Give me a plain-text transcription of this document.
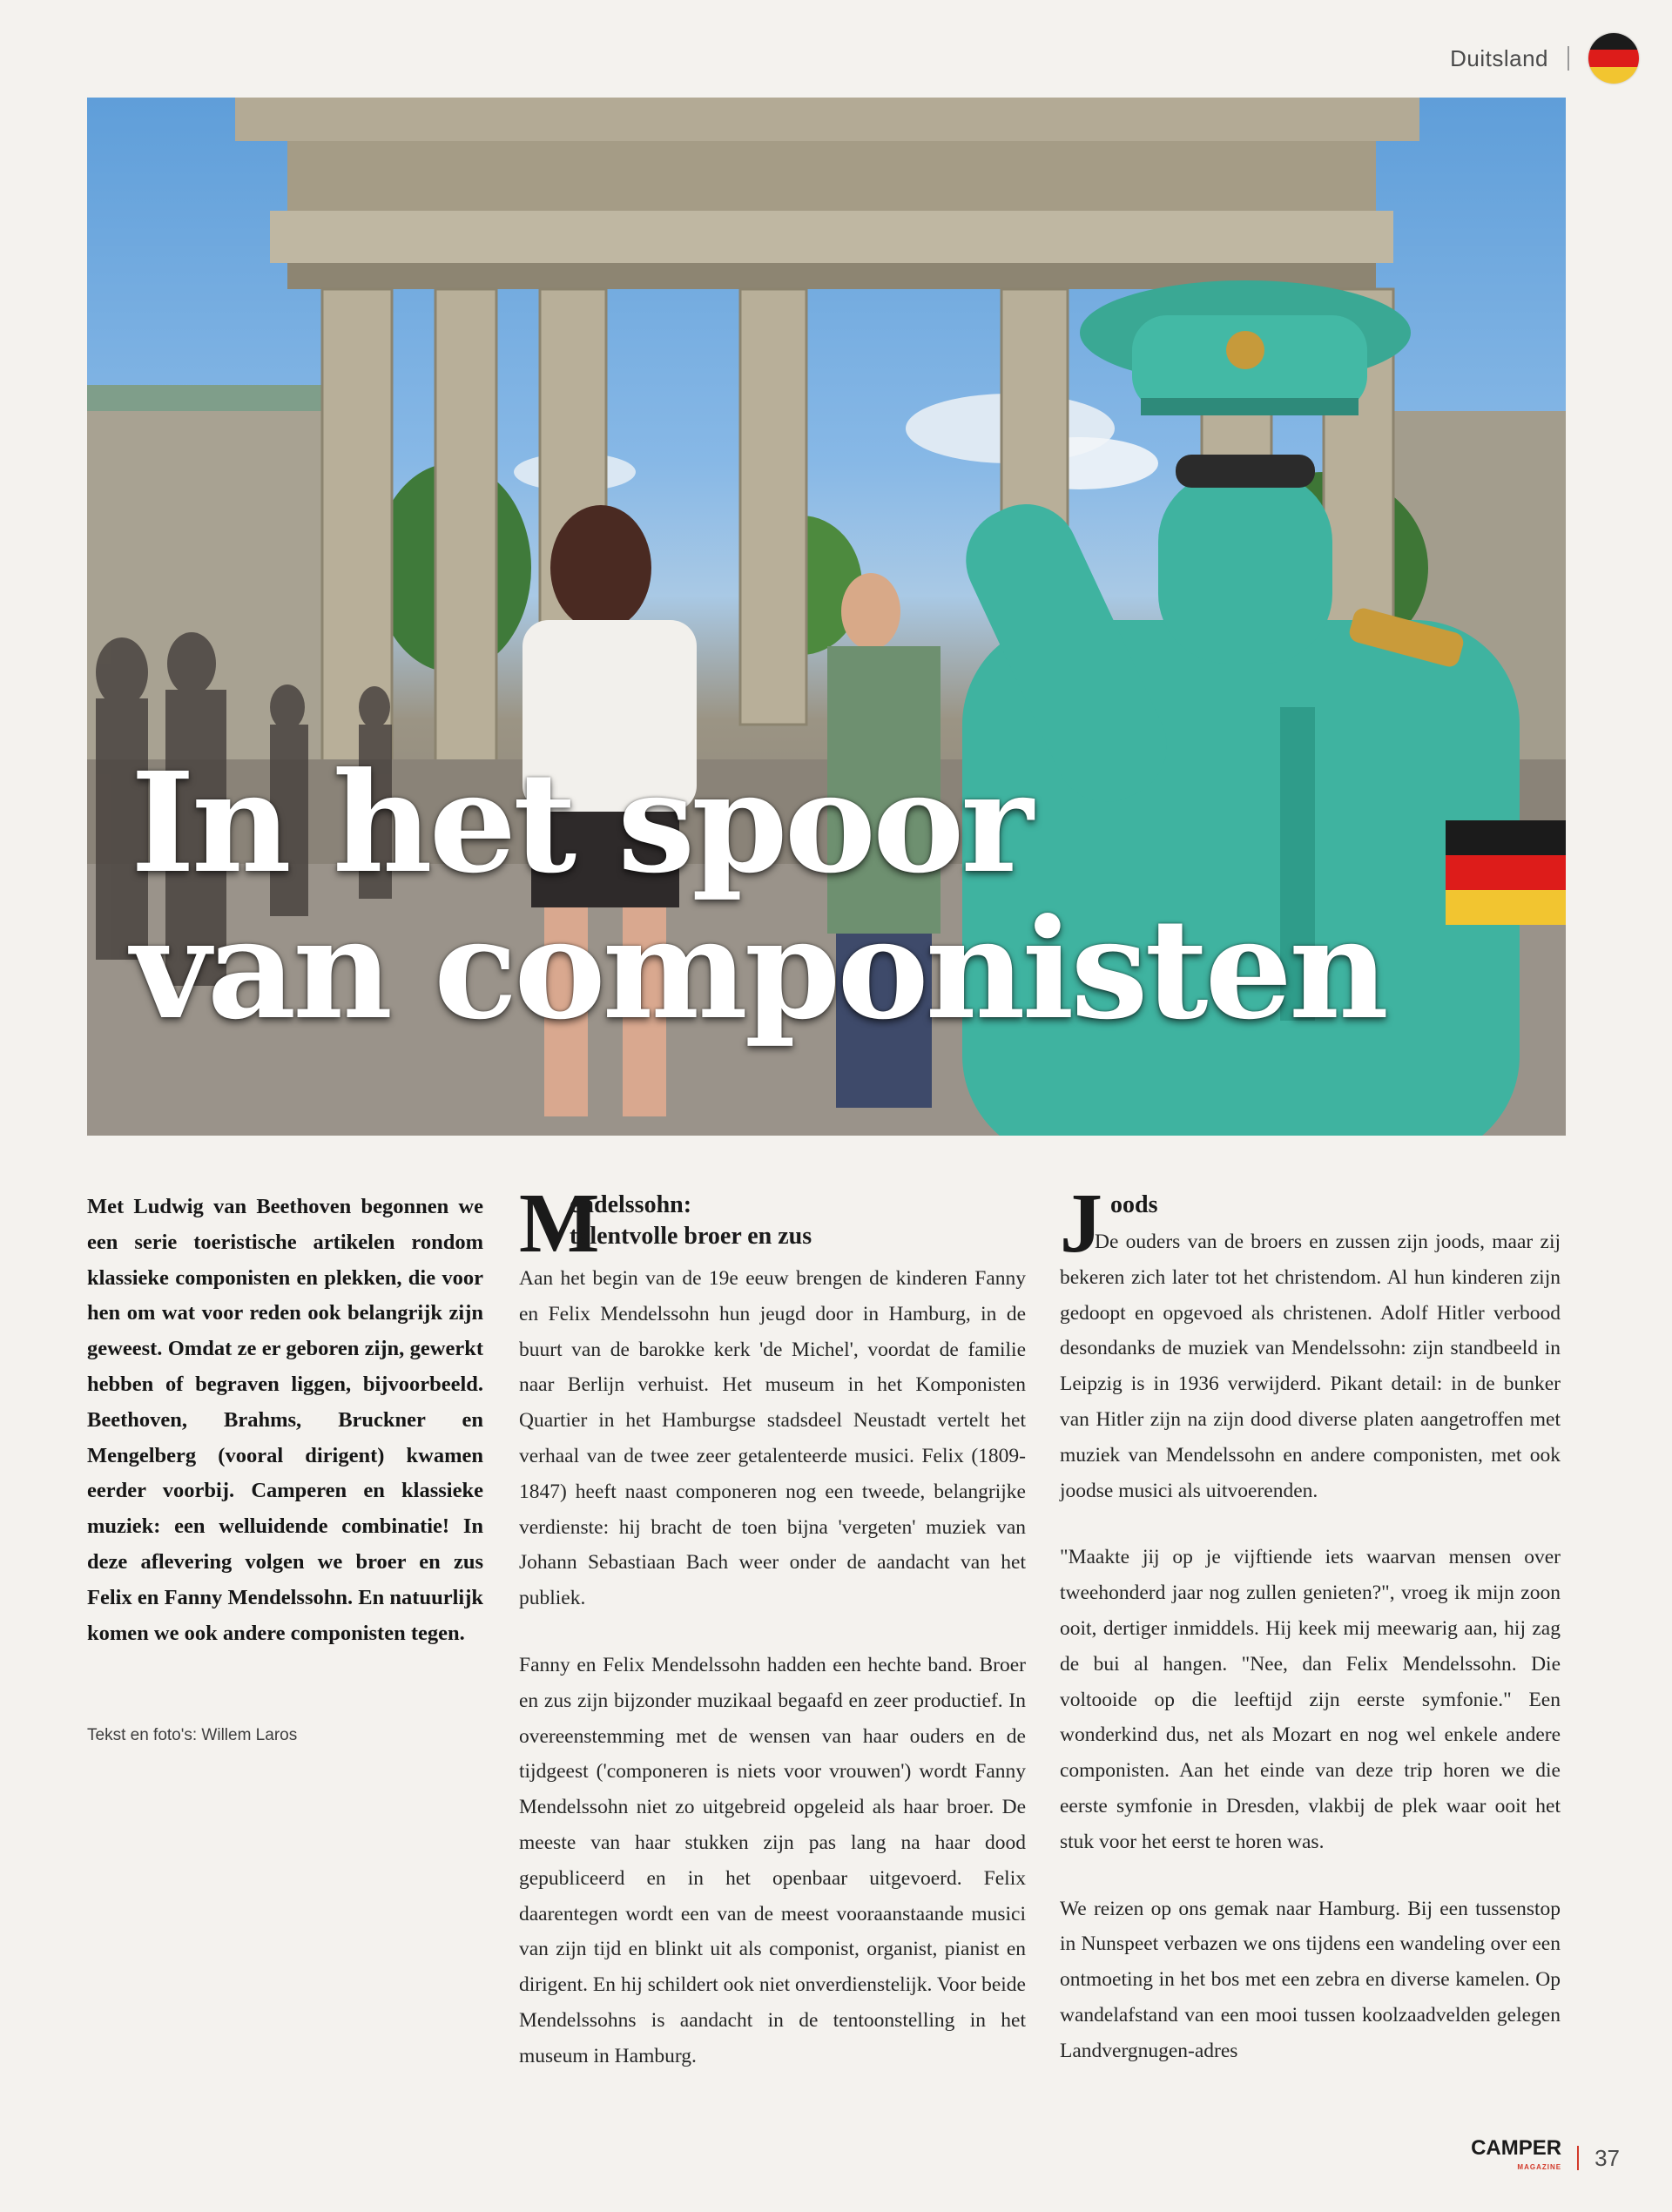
Duitsland
In het spoor
van componisten

Met Ludwig van Beethoven begonnen we een serie toeristische artikelen rondom klassieke componisten en plekken, die voor hen om wat voor reden ook belangrijk zijn geweest. Omdat ze er geboren zijn, gewerkt hebben of begraven liggen, bijvoorbeeld. Beethoven, Brahms, Bruckner en Mengelberg (vooral dirigent) kwamen eerder voorbij. Camperen en klassieke muziek: een welluidende combinatie! In deze aflevering volgen we broer en zus Felix en Fanny Mendelssohn. En natuurlijk komen we ook andere componisten tegen.

Tekst en foto's: Willem Laros
M
endelssohn:
talentvolle broer en zus

Aan het begin van de 19e eeuw brengen de kinderen Fanny en Felix Mendelssohn hun jeugd door in Hamburg, in de buurt van de barokke kerk 'de Michel', voordat de familie naar Berlijn verhuist. Het museum in het Komponisten Quartier in het Hamburgse stadsdeel Neustadt vertelt het verhaal van de twee zeer getalenteerde musici. Felix (1809-1847) heeft naast componeren nog een tweede, belangrijke verdienste: hij bracht de toen bijna 'vergeten' muziek van Johann Sebastiaan Bach weer onder de aandacht van het publiek.

Fanny en Felix Mendelssohn hadden een hechte band. Broer en zus zijn bijzonder muzikaal begaafd en zeer productief. In overeenstemming met de wensen van haar ouders en de tijdgeest ('componeren is niets voor vrouwen') wordt Fanny Mendelssohn niet zo uitgebreid opgeleid als haar broer. De meeste van haar stukken zijn pas lang na haar dood gepubliceerd en in het openbaar uitgevoerd. Felix daarentegen wordt een van de meest vooraanstaande musici van zijn tijd en blinkt uit als componist, organist, pianist en dirigent. En hij schildert ook niet onverdienstelijk. Voor beide Mendelssohns is aandacht in de tentoonstelling in het museum in Hamburg.

J oods

De ouders van de broers en zussen zijn joods, maar zij bekeren zich later tot het christendom. Al hun kinderen zijn gedoopt en opgevoed als christenen. Adolf Hitler verbood desondanks de muziek van Mendelssohn: zijn standbeeld in Leipzig is in 1936 verwijderd. Pikant detail: in de bunker van Hitler zijn na zijn dood diverse platen aangetroffen met muziek van Mendelssohn en andere componisten, met ook joodse musici als uitvoerenden.

"Maakte jij op je vijftiende iets waarvan mensen over tweehonderd jaar nog zullen genieten?", vroeg ik mijn zoon ooit, dertiger inmiddels. Hij keek mij meewarig aan, hij zag de bui al hangen. "Nee, dan Felix Mendelssohn. Die voltooide op die leeftijd zijn eerste symfonie." Een wonderkind dus, net als Mozart en nog wel enkele andere componisten. Aan het einde van deze trip horen we die eerste symfonie in Dresden, vlakbij de plek waar ooit het stuk voor het eerst te horen was.

We reizen op ons gemak naar Hamburg. Bij een tussenstop in Nunspeet verbazen we ons tijdens een wandeling over een ontmoeting in het bos met een zebra en diverse kamelen. Op wandelafstand van een mooi tussen koolzaadvelden gelegen Landvergnugen-adres

CAMPER
MAGAZINE 37
